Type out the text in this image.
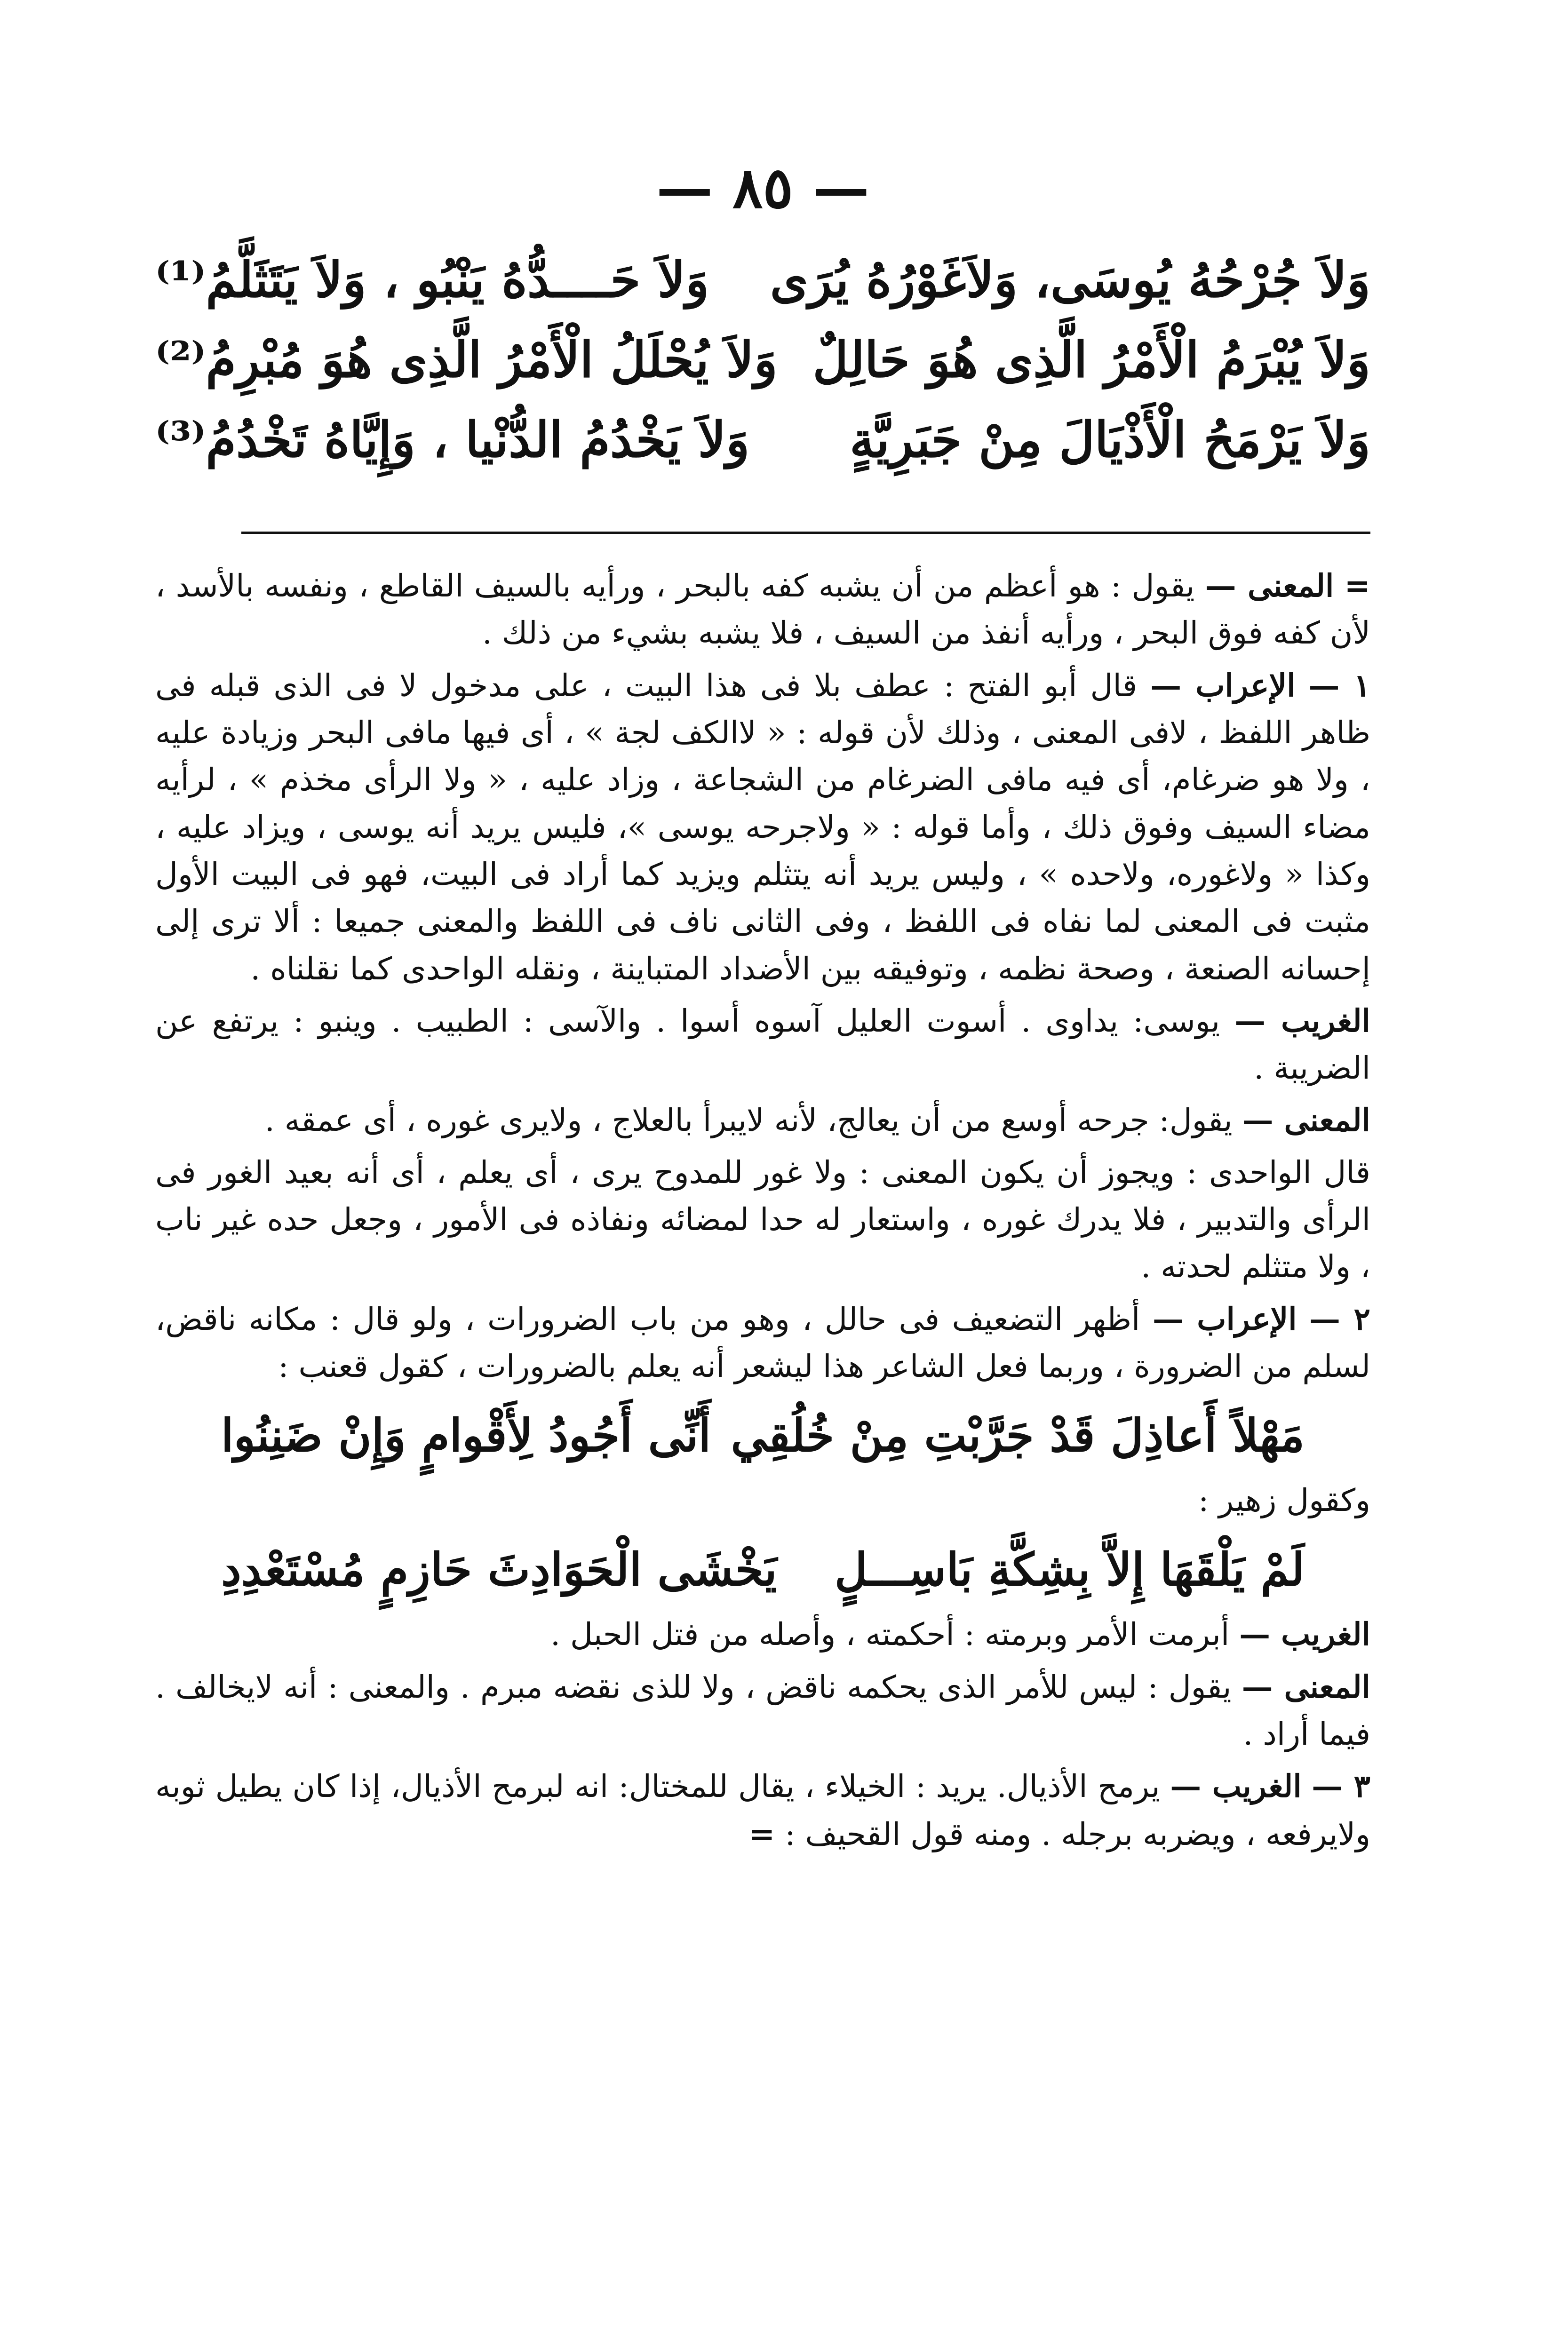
— ٨٥ —
وَلاَ جُرْحُهُ يُوسَى، وَلاَغَوْرُهُ يُرَى
وَلاَ حَــــدُّهُ يَنْبُو ، وَلاَ يَتَثَلَّمُ⁽¹⁾
وَلاَ يُبْرَمُ الْأَمْرُ الَّذِى هُوَ حَالِلٌ
وَلاَ يُحْلَلُ الْأَمْرُ الَّذِى هُوَ مُبْرِمُ⁽²⁾
وَلاَ يَرْمَحُ الْأَذْيَالَ مِنْ جَبَرِيَّةٍ
وَلاَ يَخْدُمُ الدُّنْيا ، وَإِيَّاهُ تَخْدُمُ⁽³⁾

= المعنى — يقول : هو أعظم من أن يشبه كفه بالبحر ، ورأيه بالسيف القاطع ، ونفسه بالأسد ، لأن كفه فوق البحر ، ورأيه أنفذ من السيف ، فلا يشبه بشيء من ذلك .

١ — الإعراب — قال أبو الفتح : عطف بلا فى هذا البيت ، على مدخول لا فى الذى قبله فى ظاهر اللفظ ، لافى المعنى ، وذلك لأن قوله : « لاالكف لجة » ، أى فيها مافى البحر وزيادة عليه ، ولا هو ضرغام، أى فيه مافى الضرغام من الشجاعة ، وزاد عليه ، « ولا الرأى مخذم » ، لرأيه مضاء السيف وفوق ذلك ، وأما قوله : « ولاجرحه يوسى »، فليس يريد أنه يوسى ، ويزاد عليه ، وكذا « ولاغوره، ولاحده » ، وليس يريد أنه يتثلم ويزيد كما أراد فى البيت، فهو فى البيت الأول مثبت فى المعنى لما نفاه فى اللفظ ، وفى الثانى ناف فى اللفظ والمعنى جميعا : ألا ترى إلى إحسانه الصنعة ، وصحة نظمه ، وتوفيقه بين الأضداد المتباينة ، ونقله الواحدى كما نقلناه .

الغريب — يوسى: يداوى . أسوت العليل آسوه أسوا . والآسى : الطبيب . وينبو : يرتفع عن الضريبة .

المعنى — يقول: جرحه أوسع من أن يعالج، لأنه لايبرأ بالعلاج ، ولايرى غوره ، أى عمقه .

قال الواحدى : ويجوز أن يكون المعنى : ولا غور للمدوح يرى ، أى يعلم ، أى أنه بعيد الغور فى الرأى والتدبير ، فلا يدرك غوره ، واستعار له حدا لمضائه ونفاذه فى الأمور ، وجعل حده غير ناب ، ولا متثلم لحدته .

٢ — الإعراب — أظهر التضعيف فى حالل ، وهو من باب الضرورات ، ولو قال : مكانه ناقض، لسلم من الضرورة ، وربما فعل الشاعر هذا ليشعر أنه يعلم بالضرورات ، كقول قعنب :

مَهْلاً أَعاذِلَ قَدْ جَرَّبْتِ مِنْ خُلُقِي
أَنِّى أَجُودُ لِأَقْوامٍ وَإِنْ ضَنِنُوا

وكقول زهير :

لَمْ يَلْقَهَا إِلاَّ بِشِكَّةِ بَاسِـــلٍ
يَخْشَى الْحَوَادِثَ حَازِمٍ مُسْتَعْدِدِ

الغريب — أبرمت الأمر وبرمته : أحكمته ، وأصله من فتل الحبل .

المعنى — يقول : ليس للأمر الذى يحكمه ناقض ، ولا للذى نقضه مبرم . والمعنى : أنه لايخالف . فيما أراد .

٣ — الغريب — يرمح الأذيال. يريد : الخيلاء ، يقال للمختال: انه لبرمح الأذيال، إذا كان يطيل ثوبه ولايرفعه ، ويضربه برجله . ومنه قول القحيف : =
